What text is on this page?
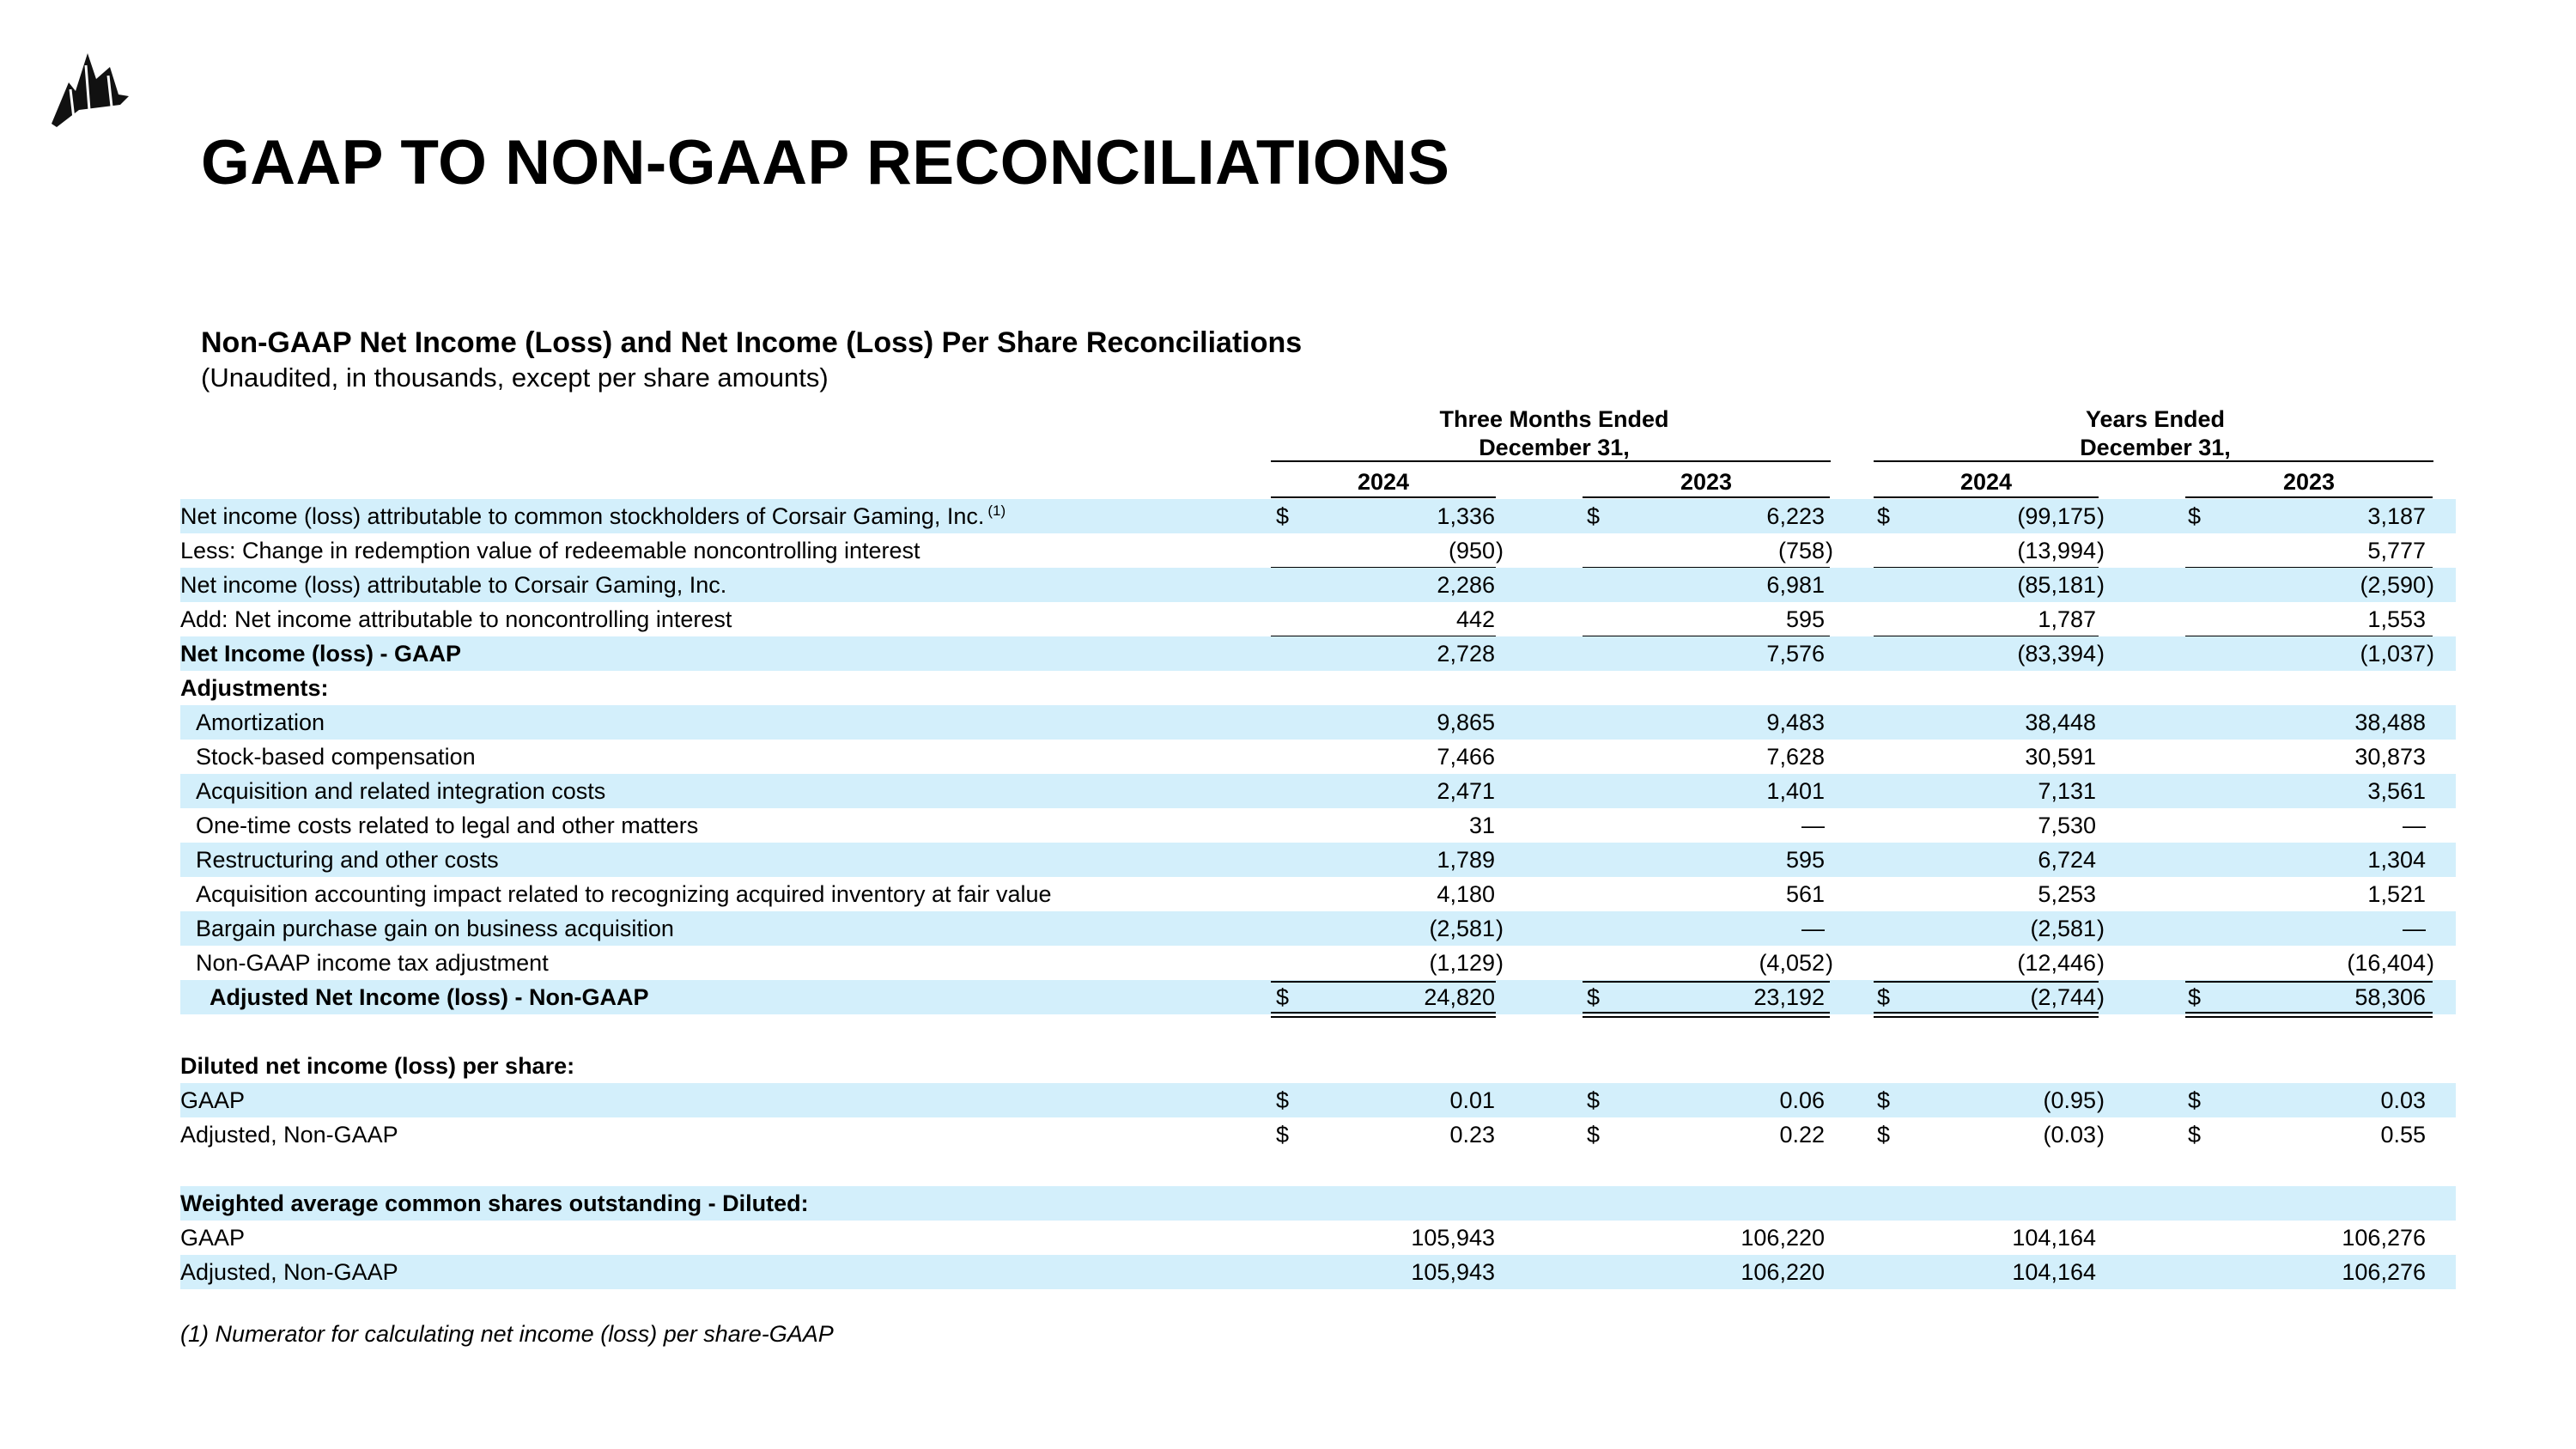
GAAP TO NON-GAAP RECONCILIATIONS
Non-GAAP Net Income (Loss) and Net Income (Loss) Per Share Reconciliations
(Unaudited, in thousands, except per share amounts)
Three Months Ended
December 31,
Years Ended
December 31,
2024	2023	2024	2023
Net income (loss) attributable to common stockholders of Corsair Gaming, Inc. $^{(1)}$	$	1,336	$	6,223 $	(99,175 )	$	3,187
Less: Change in redemption value of redeemable noncontrolling interest	(950 )	(758 )	(13,994 )	5,777
Net income (loss) attributable to Corsair Gaming, Inc.	2,286	6,981	(85,181 )	(2,590 )
Add: Net income attributable to noncontrolling interest	442	595	1,787	1,553
Net Income (loss) - GAAP	2,728	7,576	(83,394 )	(1,037 )
Adjustments:
Amortization	9,865	9,483	38,448	38,488
Stock-based compensation	7,466	7,628	30,591	30,873
Acquisition and related integration costs	2,471	1,401	7,131	3,561
One-time costs related to legal and other matters	31	—	7,530	—
Restructuring and other costs	1,789	595	6,724	1,304
Acquisition accounting impact related to recognizing acquired inventory at fair value	4,180	561	5,253	1,521
Bargain purchase gain on business acquisition	(2,581 )	—	(2,581 )	—
Non-GAAP income tax adjustment	(1,129 )	(4,052 )	(12,446 )	(16,404 )
Adjusted Net Income (loss) - Non-GAAP	$	24,820	$	23,192 $	(2,744 )	$	58,306
Diluted net income (loss) per share:
GAAP	$	0.01	$	0.06 $	(0.95 )	$	0.03
Adjusted, Non-GAAP	$	0.23	$	0.22 $	(0.03 )	$	0.55
Weighted average common shares outstanding - Diluted:
GAAP	105,943	106,220	104,164	106,276
Adjusted, Non-GAAP	105,943	106,220	104,164	106,276
(1) Numerator for calculating net income (loss) per share-GAAP
